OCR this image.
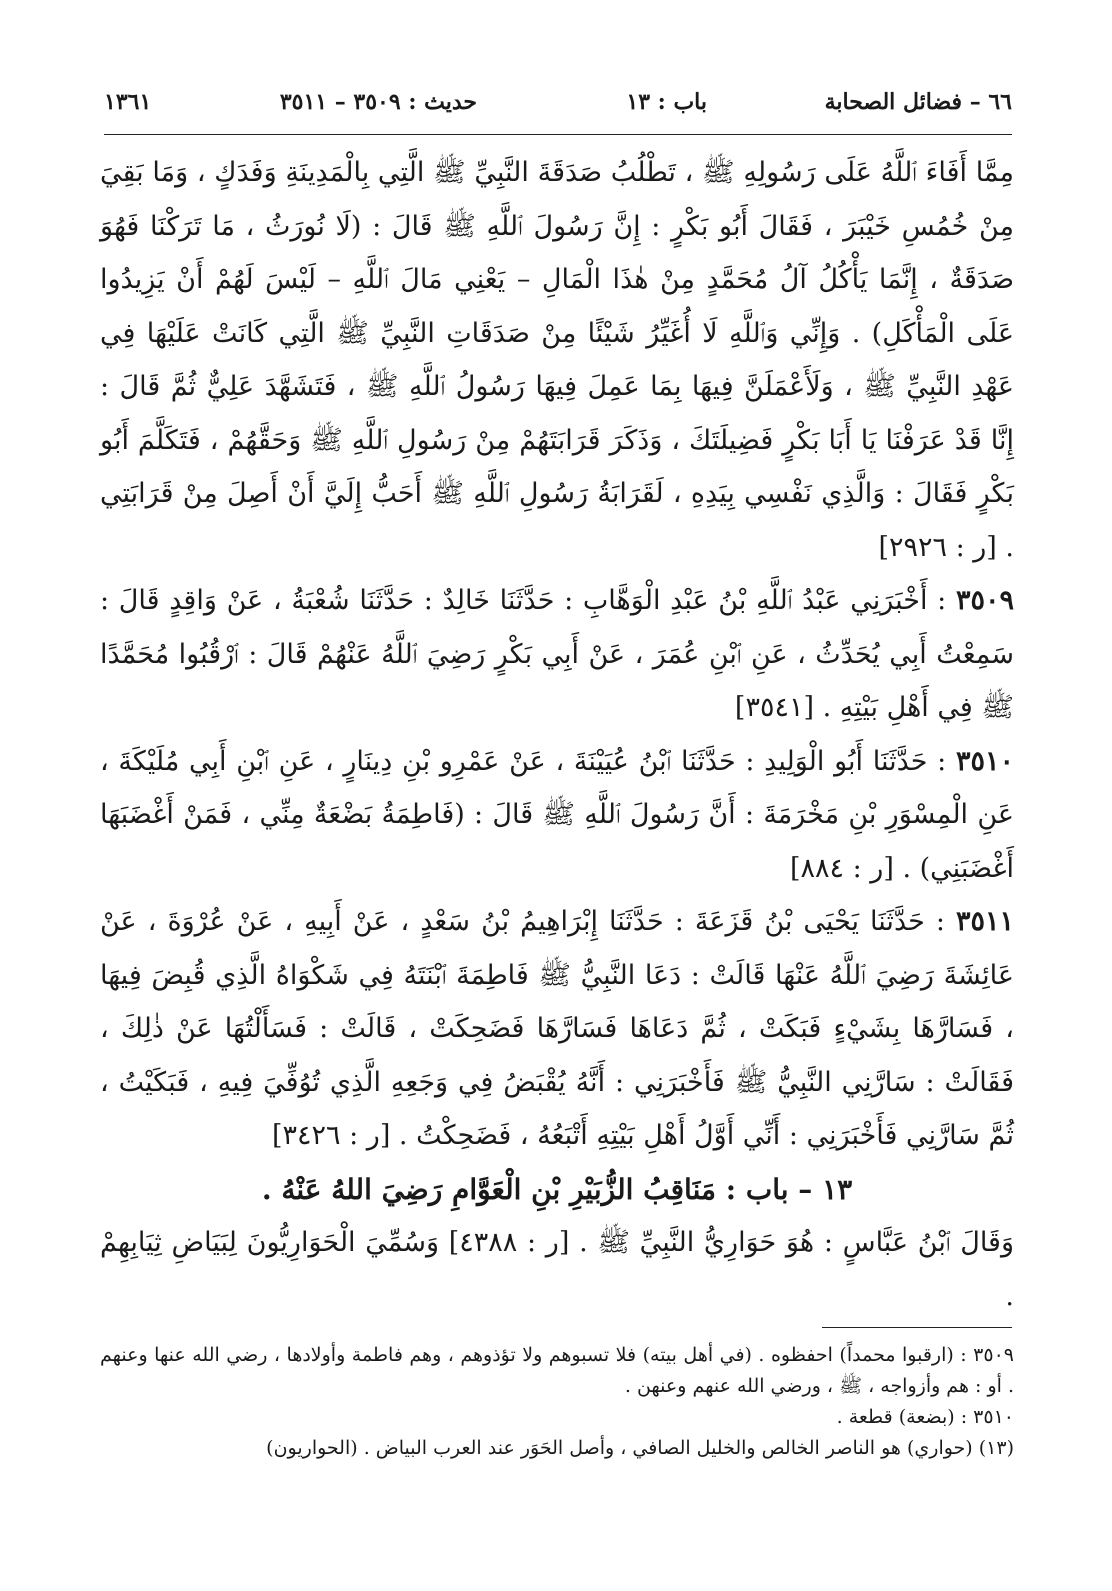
٦٦ – فضائل الصحابة
باب : ١٣
حديث : ٣٥٠٩ – ٣٥١١
١٣٦١

مِمَّا أَفَاءَ ٱللَّهُ عَلَى رَسُولِهِ ﷺ ، تَطْلُبُ صَدَقَةَ النَّبِيِّ ﷺ الَّتِي بِالْمَدِينَةِ وَفَدَكٍ ، وَمَا بَقِيَ مِنْ خُمُسِ خَيْبَرَ ، فَقَالَ أَبُو بَكْرٍ : إِنَّ رَسُولَ ٱللَّهِ ﷺ قَالَ : (لَا نُورَثُ ، مَا تَرَكْنَا فَهُوَ صَدَقَةٌ ، إِنَّمَا يَأْكُلُ آلُ مُحَمَّدٍ مِنْ هٰذَا الْمَالِ – يَعْنِي مَالَ ٱللَّهِ – لَيْسَ لَهُمْ أَنْ يَزِيدُوا عَلَى الْمَأْكَلِ) . وَإِنِّي وَٱللَّهِ لَا أُغَيِّرُ شَيْئًا مِنْ صَدَقَاتِ النَّبِيِّ ﷺ الَّتِي كَانَتْ عَلَيْهَا فِي عَهْدِ النَّبِيِّ ﷺ ، وَلَأَعْمَلَنَّ فِيهَا بِمَا عَمِلَ فِيهَا رَسُولُ ٱللَّهِ ﷺ ، فَتَشَهَّدَ عَلِيٌّ ثُمَّ قَالَ : إِنَّا قَدْ عَرَفْنَا يَا أَبَا بَكْرٍ فَضِيلَتَكَ ، وَذَكَرَ قَرَابَتَهُمْ مِنْ رَسُولِ ٱللَّهِ ﷺ وَحَقَّهُمْ ، فَتَكَلَّمَ أَبُو بَكْرٍ فَقَالَ : وَالَّذِي نَفْسِي بِيَدِهِ ، لَقَرَابَةُ رَسُولِ ٱللَّهِ ﷺ أَحَبُّ إِلَيَّ أَنْ أَصِلَ مِنْ قَرَابَتِي . [ر : ٢٩٢٦]

٣٥٠٩ : أَخْبَرَنِي عَبْدُ ٱللَّهِ بْنُ عَبْدِ الْوَهَّابِ : حَدَّثَنَا خَالِدٌ : حَدَّثَنَا شُعْبَةُ ، عَنْ وَاقِدٍ قَالَ : سَمِعْتُ أَبِي يُحَدِّثُ ، عَنِ ٱبْنِ عُمَرَ ، عَنْ أَبِي بَكْرٍ رَضِيَ ٱللَّهُ عَنْهُمْ قَالَ : ٱرْقُبُوا مُحَمَّدًا ﷺ فِي أَهْلِ بَيْتِهِ . [٣٥٤١]

٣٥١٠ : حَدَّثَنَا أَبُو الْوَلِيدِ : حَدَّثَنَا ٱبْنُ عُيَيْنَةَ ، عَنْ عَمْرِو بْنِ دِينَارٍ ، عَنِ ٱبْنِ أَبِي مُلَيْكَةَ ، عَنِ الْمِسْوَرِ بْنِ مَخْرَمَةَ : أَنَّ رَسُولَ ٱللَّهِ ﷺ قَالَ : (فَاطِمَةُ بَضْعَةٌ مِنِّي ، فَمَنْ أَغْضَبَهَا أَغْضَبَنِي) . [ر : ٨٨٤]

٣٥١١ : حَدَّثَنَا يَحْيَى بْنُ قَزَعَةَ : حَدَّثَنَا إِبْرَاهِيمُ بْنُ سَعْدٍ ، عَنْ أَبِيهِ ، عَنْ عُرْوَةَ ، عَنْ عَائِشَةَ رَضِيَ ٱللَّهُ عَنْهَا قَالَتْ : دَعَا النَّبِيُّ ﷺ فَاطِمَةَ ٱبْنَتَهُ فِي شَكْوَاهُ الَّذِي قُبِضَ فِيهَا ، فَسَارَّهَا بِشَيْءٍ فَبَكَتْ ، ثُمَّ دَعَاهَا فَسَارَّهَا فَضَحِكَتْ ، قَالَتْ : فَسَأَلْتُهَا عَنْ ذٰلِكَ ، فَقَالَتْ : سَارَّنِي النَّبِيُّ ﷺ فَأَخْبَرَنِي : أَنَّهُ يُقْبَضُ فِي وَجَعِهِ الَّذِي تُوُفِّيَ فِيهِ ، فَبَكَيْتُ ، ثُمَّ سَارَّنِي فَأَخْبَرَنِي : أَنِّي أَوَّلُ أَهْلِ بَيْتِهِ أَتْبَعُهُ ، فَضَحِكْتُ . [ر : ٣٤٢٦]

١٣ – باب : مَنَاقِبُ الزُّبَيْرِ بْنِ الْعَوَّامِ رَضِيَ اللهُ عَنْهُ .

وَقَالَ ٱبْنُ عَبَّاسٍ : هُوَ حَوَارِيُّ النَّبِيِّ ﷺ . [ر : ٤٣٨٨] وَسُمِّيَ الْحَوَارِيُّونَ لِبَيَاضِ ثِيَابِهِمْ .

٣٥٠٩ : (ارقبوا محمداً) احفظوه . (في أهل بيته) فلا تسبوهم ولا تؤذوهم ، وهم فاطمة وأولادها ، رضي الله عنها وعنهم . أو : هم وأزواجه ، ﷺ ، ورضي الله عنهم وعنهن .

٣٥١٠ : (بضعة) قطعة .

(١٣) (حواري) هو الناصر الخالص والخليل الصافي ، وأصل الحَوَر عند العرب البياض . (الحواريون)
